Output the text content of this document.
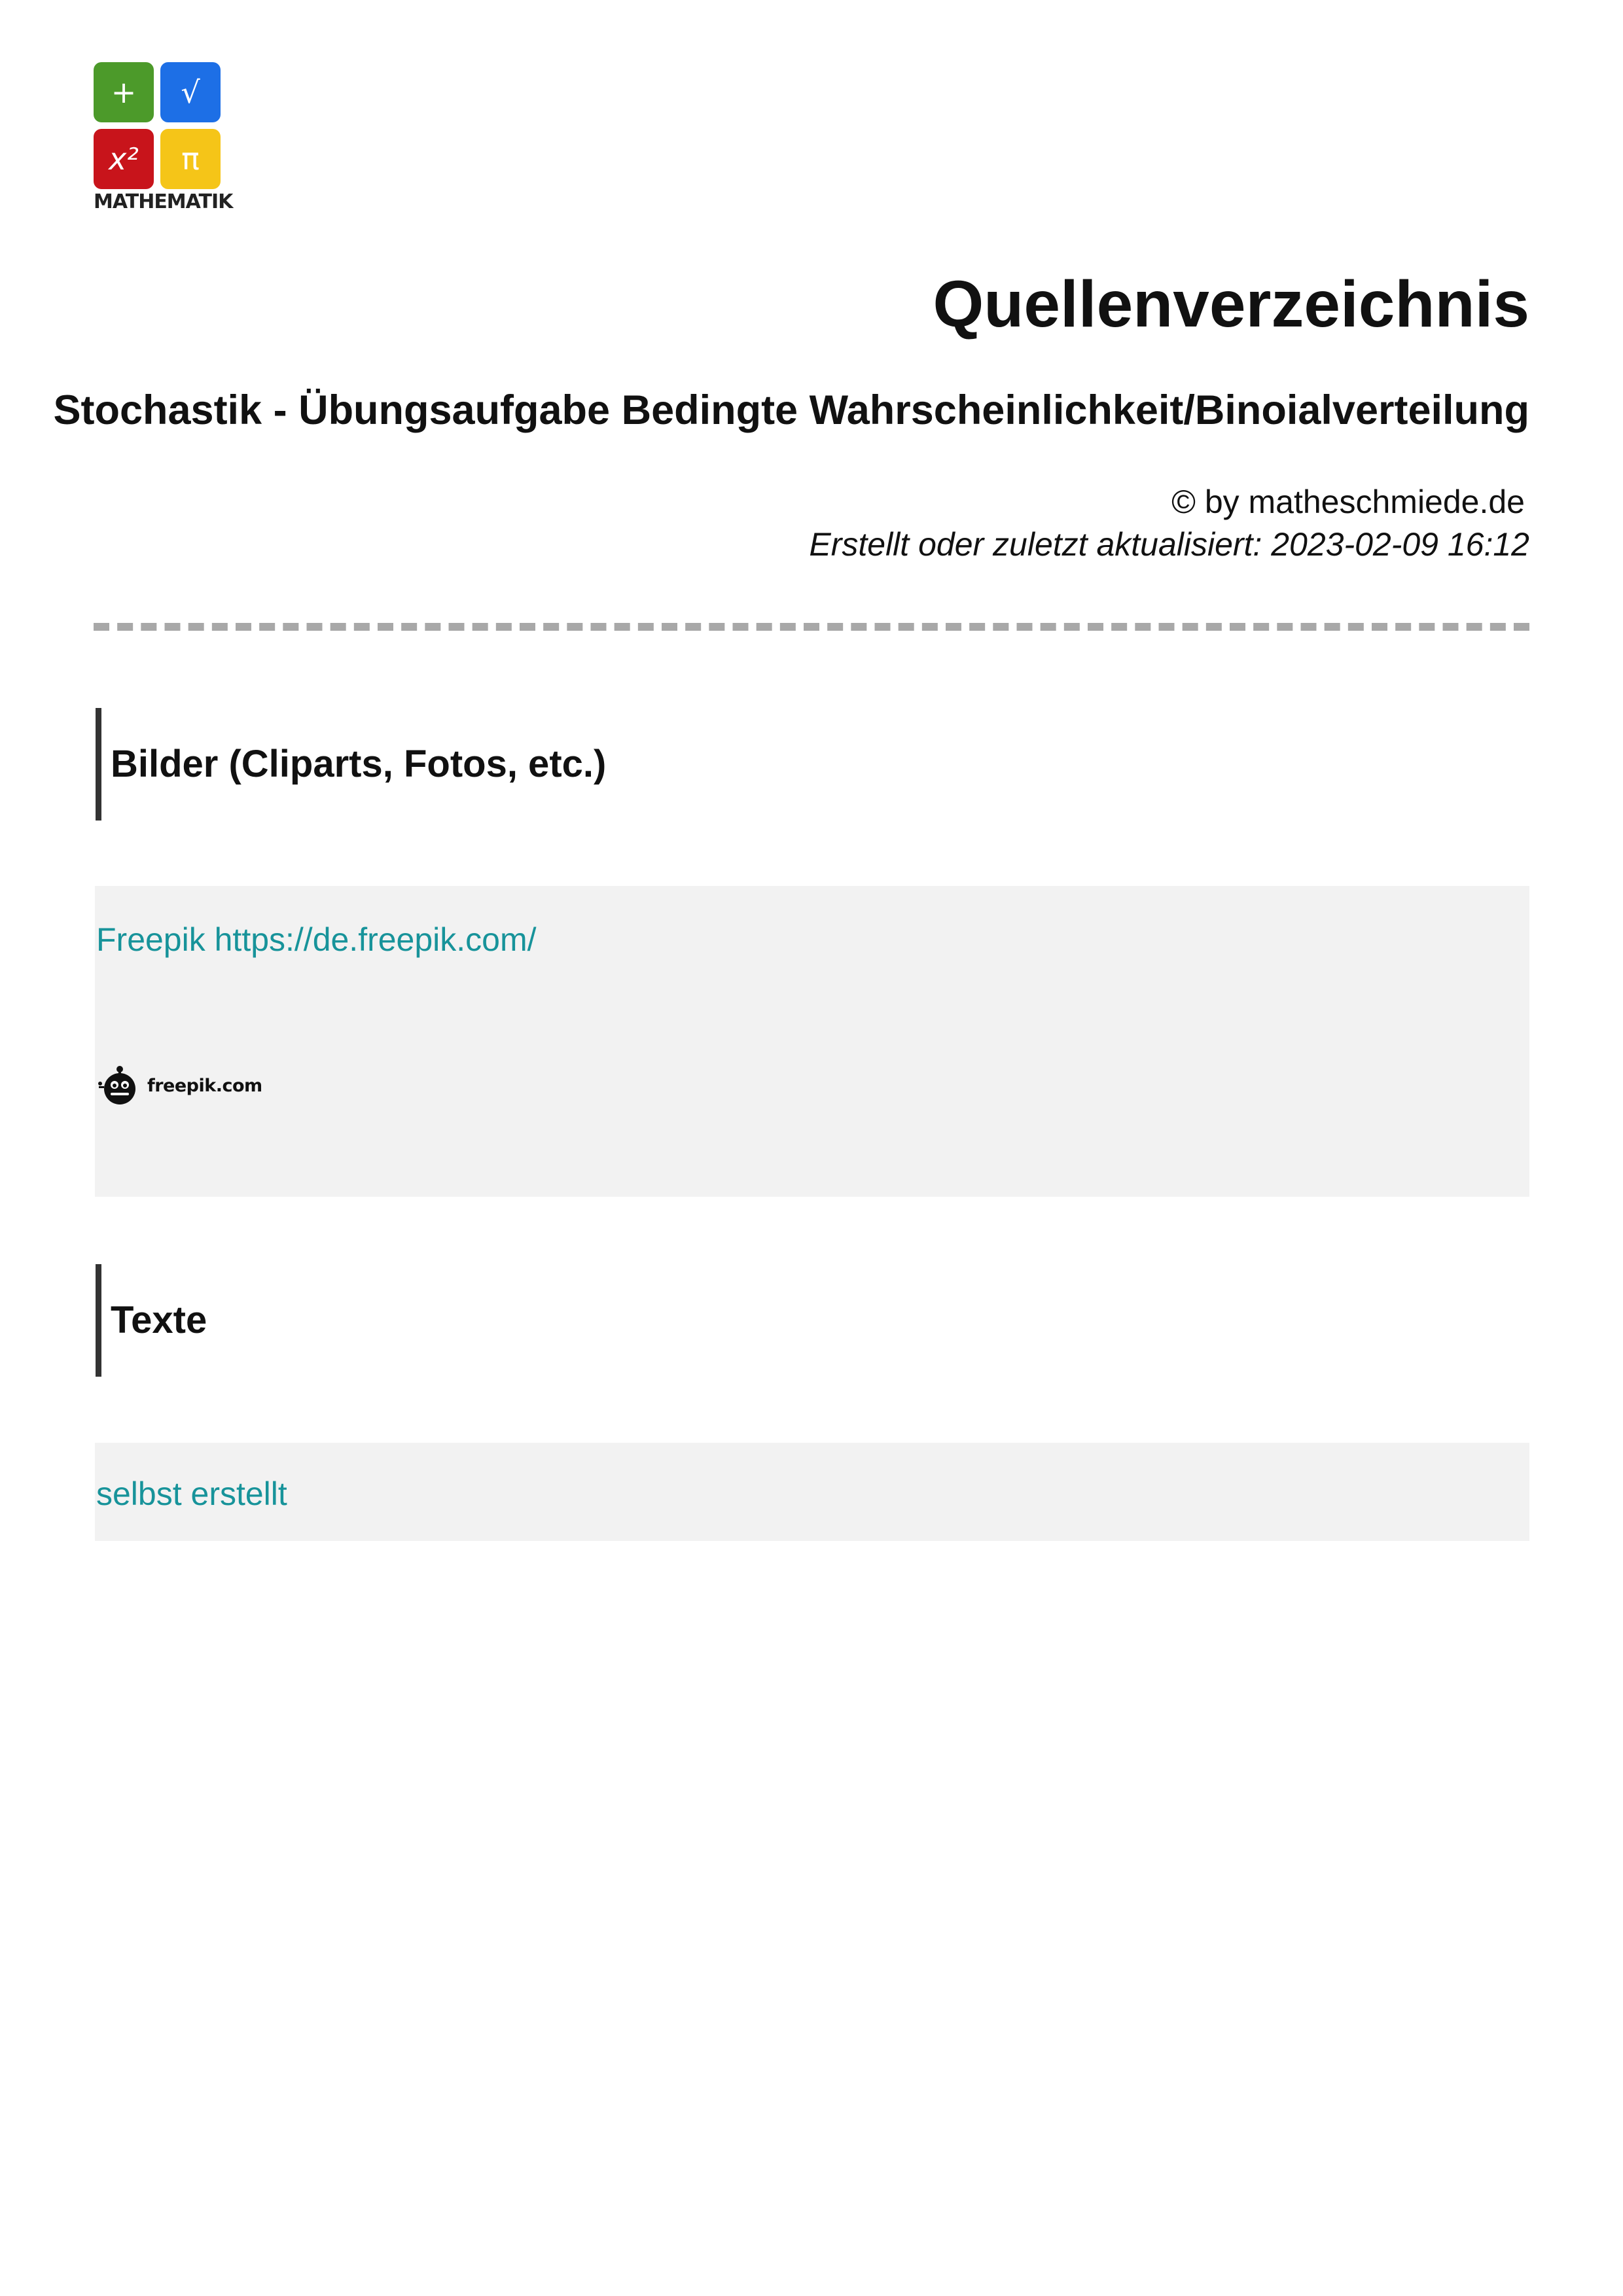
+	√
x²	π
MATHEMATIK
Quellenverzeichnis
Stochastik - Übungsaufgabe Bedingte Wahrscheinlichkeit/Binoialverteilung
© by matheschmiede.de
Erstellt oder zuletzt aktualisiert: 2023-02-09 16:12
Bilder (Cliparts, Fotos, etc.)
Freepik https://de.freepik.com/
freepik.com
Texte
selbst erstellt
